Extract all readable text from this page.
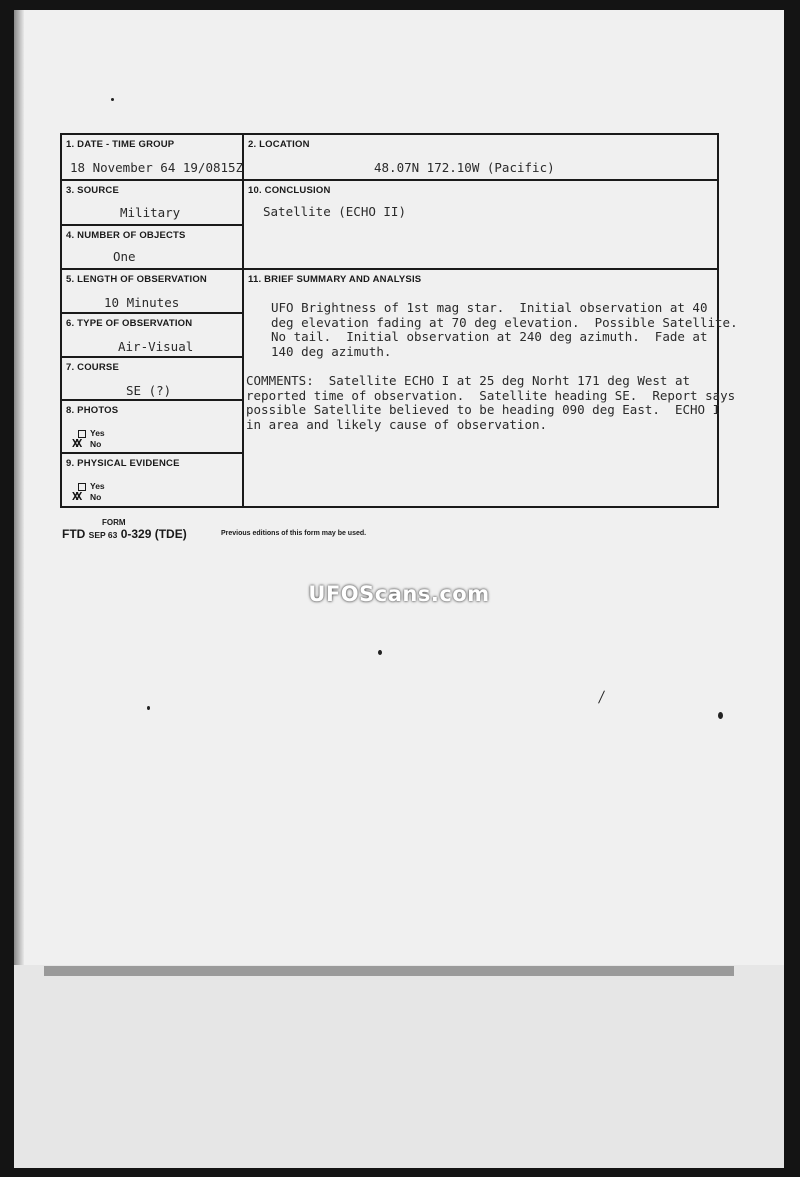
1. DATE - TIME GROUP
18 November 64 19/0815Z
3. SOURCE
Military
4. NUMBER OF OBJECTS
One
5. LENGTH OF OBSERVATION
10 Minutes
6. TYPE OF OBSERVATION
Air-Visual
7. COURSE
SE (?)
8. PHOTOS
Yes
XX No
9. PHYSICAL EVIDENCE
Yes
XX No
2. LOCATION
48.07N 172.10W (Pacific)
10. CONCLUSION
Satellite (ECHO II)
11. BRIEF SUMMARY AND ANALYSIS
UFO Brightness of 1st mag star.  Initial observation at 40
deg elevation fading at 70 deg elevation.  Possible Satellite.
No tail.  Initial observation at 240 deg azimuth.  Fade at
140 deg azimuth.
COMMENTS:  Satellite ECHO I at 25 deg Norht 171 deg West at
reported time of observation.  Satellite heading SE.  Report says
possible Satellite believed to be heading 090 deg East.  ECHO I
in area and likely cause of observation.
FORM
FTD SEP 63 0-329 (TDE)	Previous editions of this form may be used.
UFOScans.com
